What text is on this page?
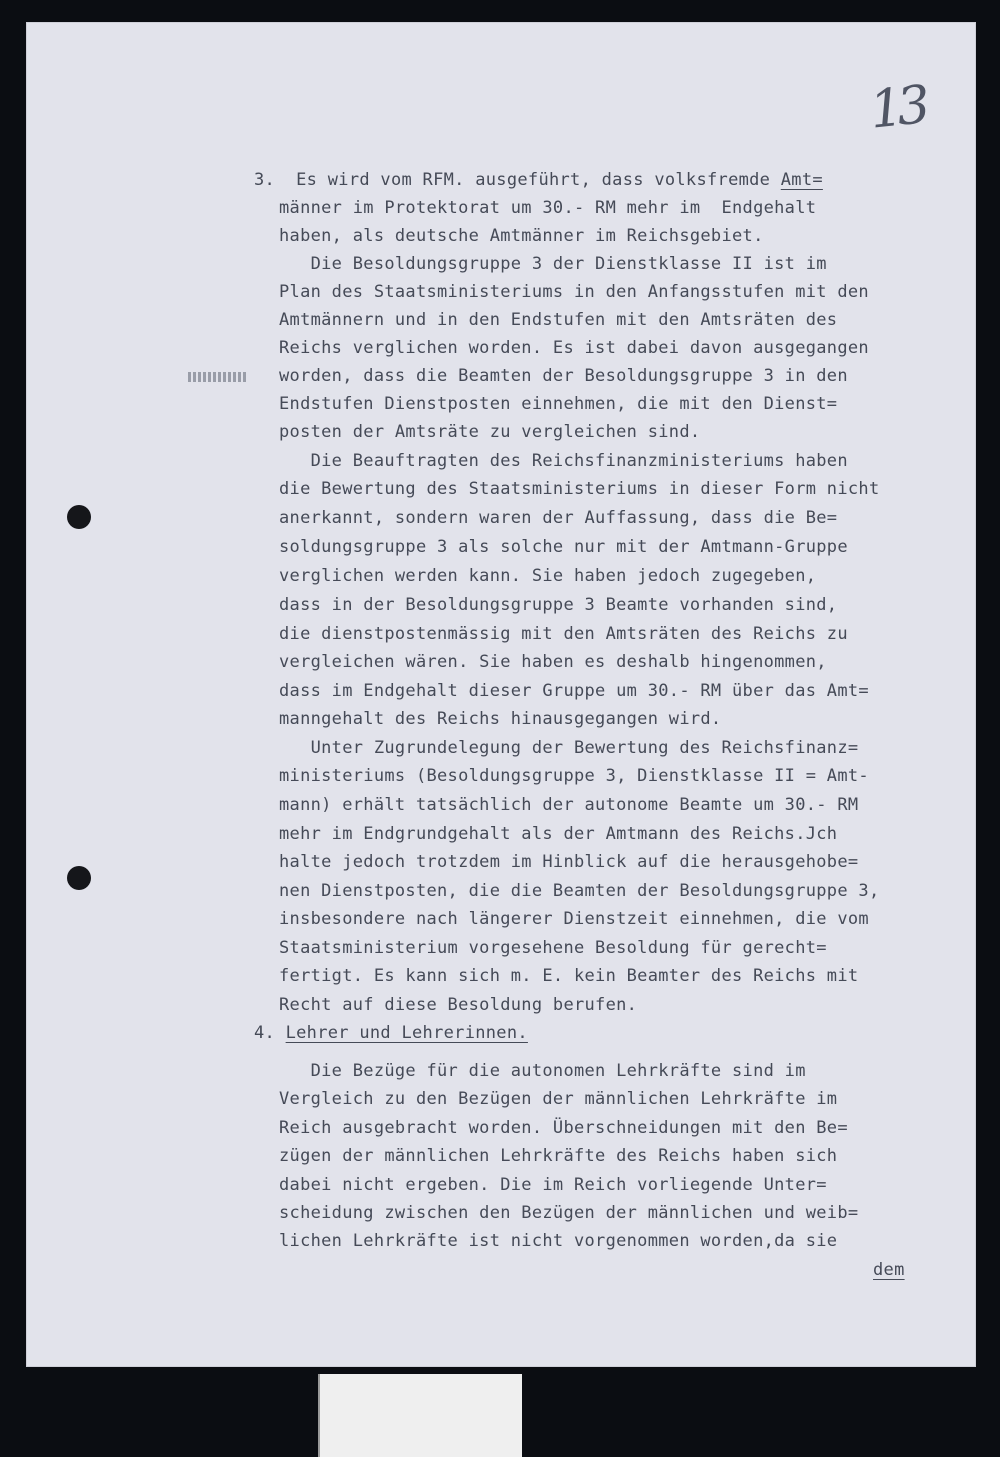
13
3.  Es wird vom RFM. ausgeführt, dass volksfremde Amt=
männer im Protektorat um 30.- RM mehr im  Endgehalt
haben, als deutsche Amtmänner im Reichsgebiet.
Die Besoldungsgruppe 3 der Dienstklasse II ist im
Plan des Staatsministeriums in den Anfangsstufen mit den
Amtmännern und in den Endstufen mit den Amtsräten des
Reichs verglichen worden. Es ist dabei davon ausgegangen
worden, dass die Beamten der Besoldungsgruppe 3 in den
Endstufen Dienstposten einnehmen, die mit den Dienst=
posten der Amtsräte zu vergleichen sind.
Die Beauftragten des Reichsfinanzministeriums haben
die Bewertung des Staatsministeriums in dieser Form nicht
anerkannt, sondern waren der Auffassung, dass die Be=
soldungsgruppe 3 als solche nur mit der Amtmann-Gruppe
verglichen werden kann. Sie haben jedoch zugegeben,
dass in der Besoldungsgruppe 3 Beamte vorhanden sind,
die dienstpostenmässig mit den Amtsräten des Reichs zu
vergleichen wären. Sie haben es deshalb hingenommen,
dass im Endgehalt dieser Gruppe um 30.- RM über das Amt=
manngehalt des Reichs hinausgegangen wird.
Unter Zugrundelegung der Bewertung des Reichsfinanz=
ministeriums (Besoldungsgruppe 3, Dienstklasse II = Amt-
mann) erhält tatsächlich der autonome Beamte um 30.- RM
mehr im Endgrundgehalt als der Amtmann des Reichs.Jch
halte jedoch trotzdem im Hinblick auf die herausgehobe=
nen Dienstposten, die die Beamten der Besoldungsgruppe 3,
insbesondere nach längerer Dienstzeit einnehmen, die vom
Staatsministerium vorgesehene Besoldung für gerecht=
fertigt. Es kann sich m. E. kein Beamter des Reichs mit
Recht auf diese Besoldung berufen.
4. Lehrer und Lehrerinnen.
Die Bezüge für die autonomen Lehrkräfte sind im
Vergleich zu den Bezügen der männlichen Lehrkräfte im
Reich ausgebracht worden. Überschneidungen mit den Be=
zügen der männlichen Lehrkräfte des Reichs haben sich
dabei nicht ergeben. Die im Reich vorliegende Unter=
scheidung zwischen den Bezügen der männlichen und weib=
lichen Lehrkräfte ist nicht vorgenommen worden,da sie
dem
